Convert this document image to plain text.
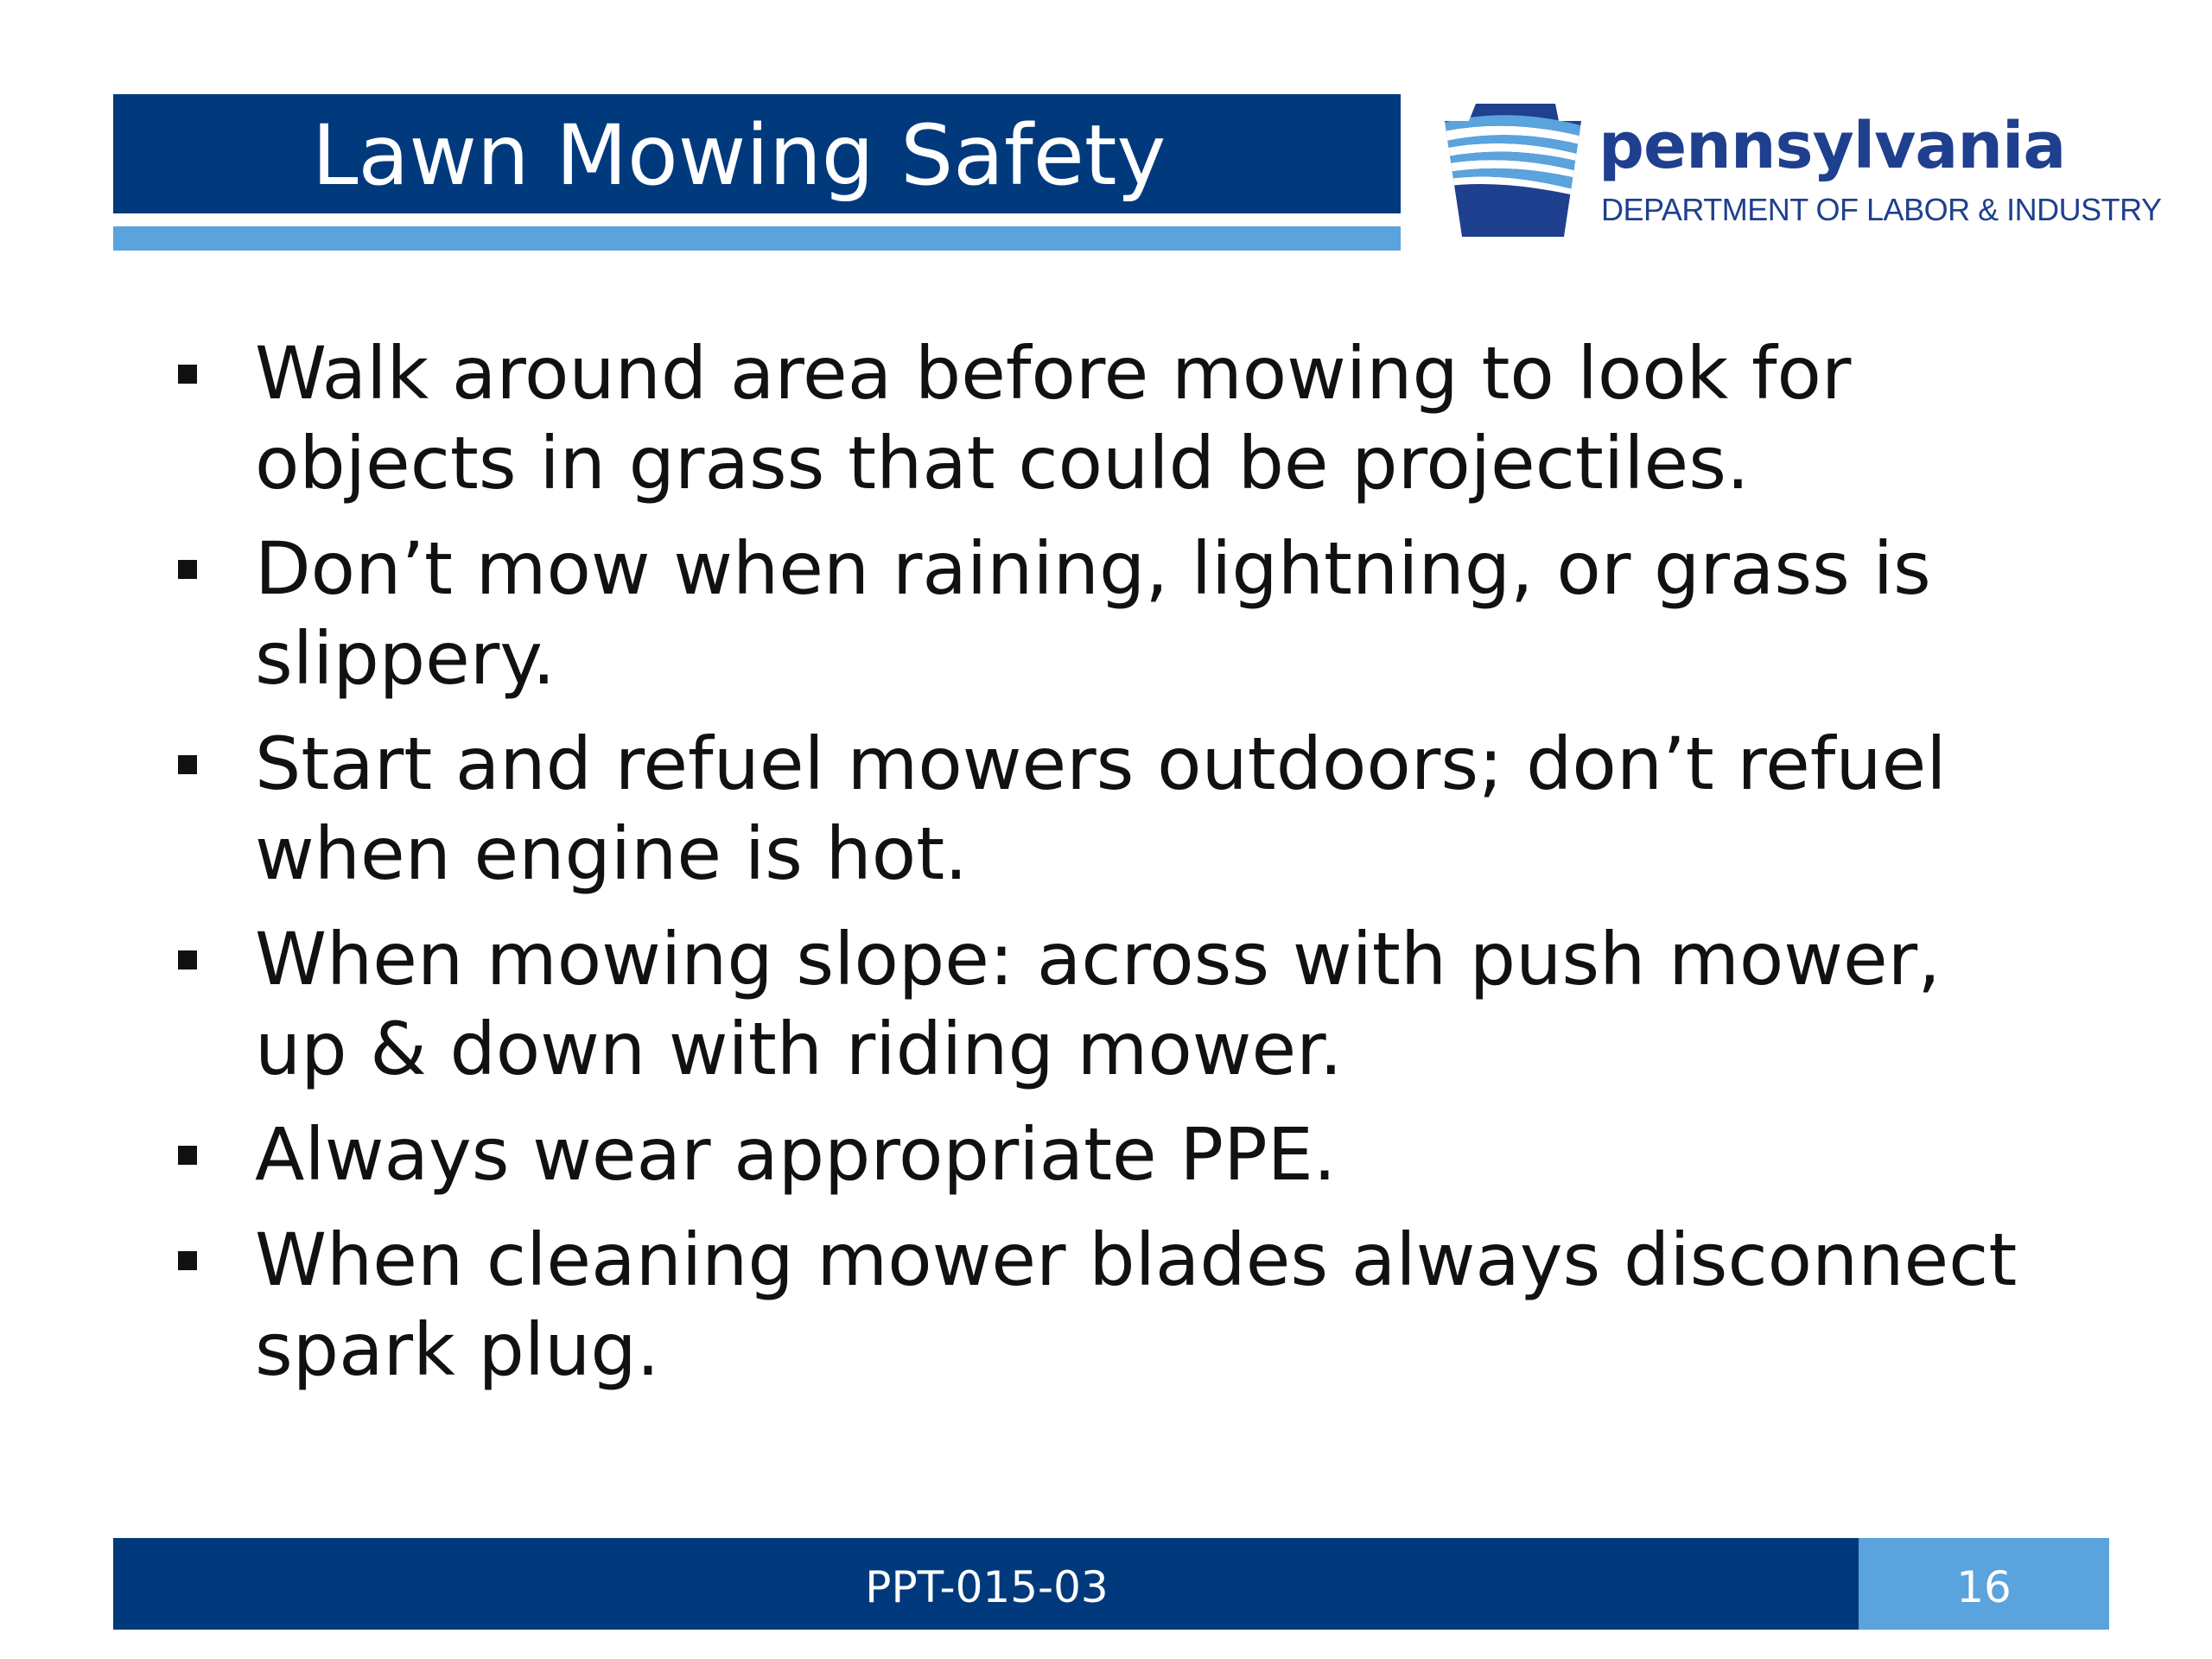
Lawn Mowing Safety	pennsylvania
DEPARTMENT OF LABOR & INDUSTRY
Walk around area before mowing to look for
objects in grass that could be projectiles.
Don’t mow when raining, lightning, or grass is
slippery.
Start and refuel mowers outdoors; don’t refuel
when engine is hot.
When mowing slope: across with push mower,
up & down with riding mower.
Always wear appropriate PPE.
When cleaning mower blades always disconnect
spark plug.
PPT-015-03	16
